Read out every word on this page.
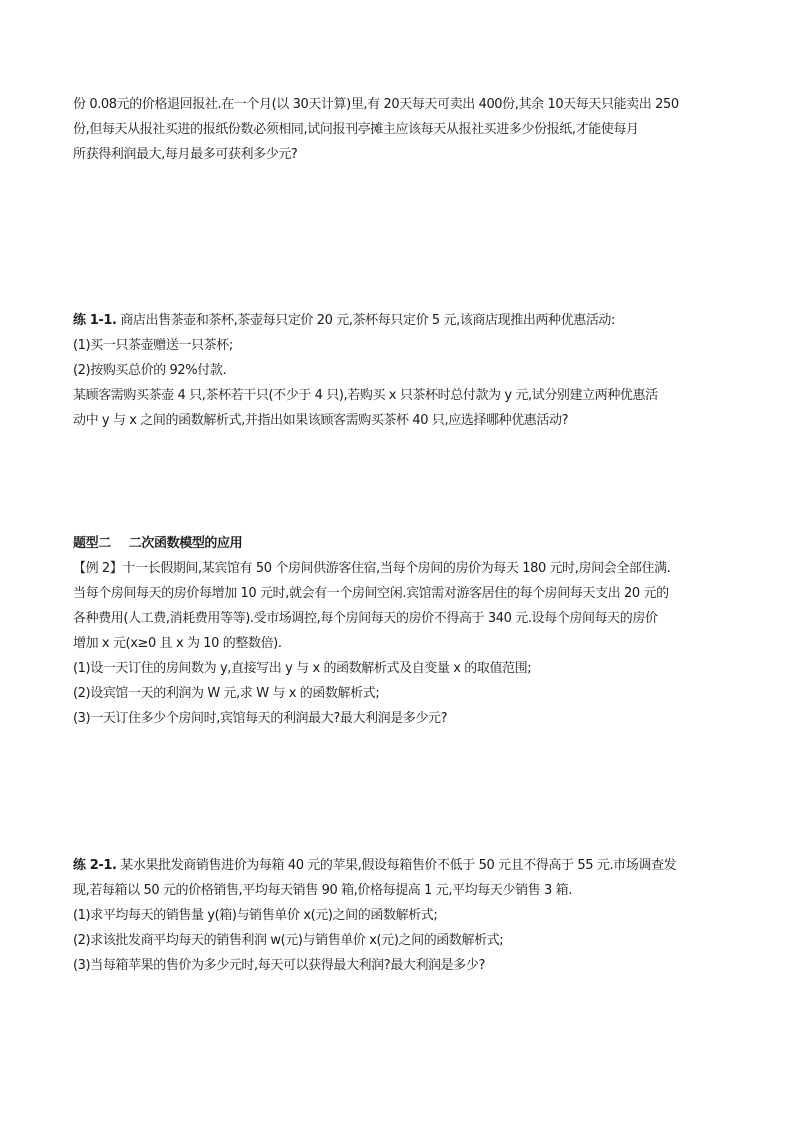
份 0.08元的价格退回报社.在一个月(以 30天计算)里,有 20天每天可卖出 400份,其余 10天每天只能卖出 250
份,但每天从报社买进的报纸份数必须相同,试问报刊亭摊主应该每天从报社买进多少份报纸,才能使每月
所获得利润最大,每月最多可获利多少元?
练 1-1. 商店出售茶壶和茶杯,茶壶每只定价 20 元,茶杯每只定价 5 元,该商店现推出两种优惠活动:
(1)买一只茶壶赠送一只茶杯;
(2)按购买总价的 92%付款.
某顾客需购买茶壶 4 只,茶杯若干只(不少于 4 只),若购买 x 只茶杯时总付款为 y 元,试分别建立两种优惠活
动中 y 与 x 之间的函数解析式,并指出如果该顾客需购买茶杯 40 只,应选择哪种优惠活动?
题型二 二次函数模型的应用
【例 2】十一长假期间,某宾馆有 50 个房间供游客住宿,当每个房间的房价为每天 180 元时,房间会全部住满.
当每个房间每天的房价每增加 10 元时,就会有一个房间空闲.宾馆需对游客居住的每个房间每天支出 20 元的
各种费用(人工费,消耗费用等等).受市场调控,每个房间每天的房价不得高于 340 元.设每个房间每天的房价
增加 x 元(x≥0 且 x 为 10 的整数倍).
(1)设一天订住的房间数为 y,直接写出 y 与 x 的函数解析式及自变量 x 的取值范围;
(2)设宾馆一天的利润为 W 元,求 W 与 x 的函数解析式;
(3)一天订住多少个房间时,宾馆每天的利润最大?最大利润是多少元?
练 2-1. 某水果批发商销售进价为每箱 40 元的苹果,假设每箱售价不低于 50 元且不得高于 55 元.市场调查发
现,若每箱以 50 元的价格销售,平均每天销售 90 箱,价格每提高 1 元,平均每天少销售 3 箱.
(1)求平均每天的销售量 y(箱)与销售单价 x(元)之间的函数解析式;
(2)求该批发商平均每天的销售利润 w(元)与销售单价 x(元)之间的函数解析式;
(3)当每箱苹果的售价为多少元时,每天可以获得最大利润?最大利润是多少?
